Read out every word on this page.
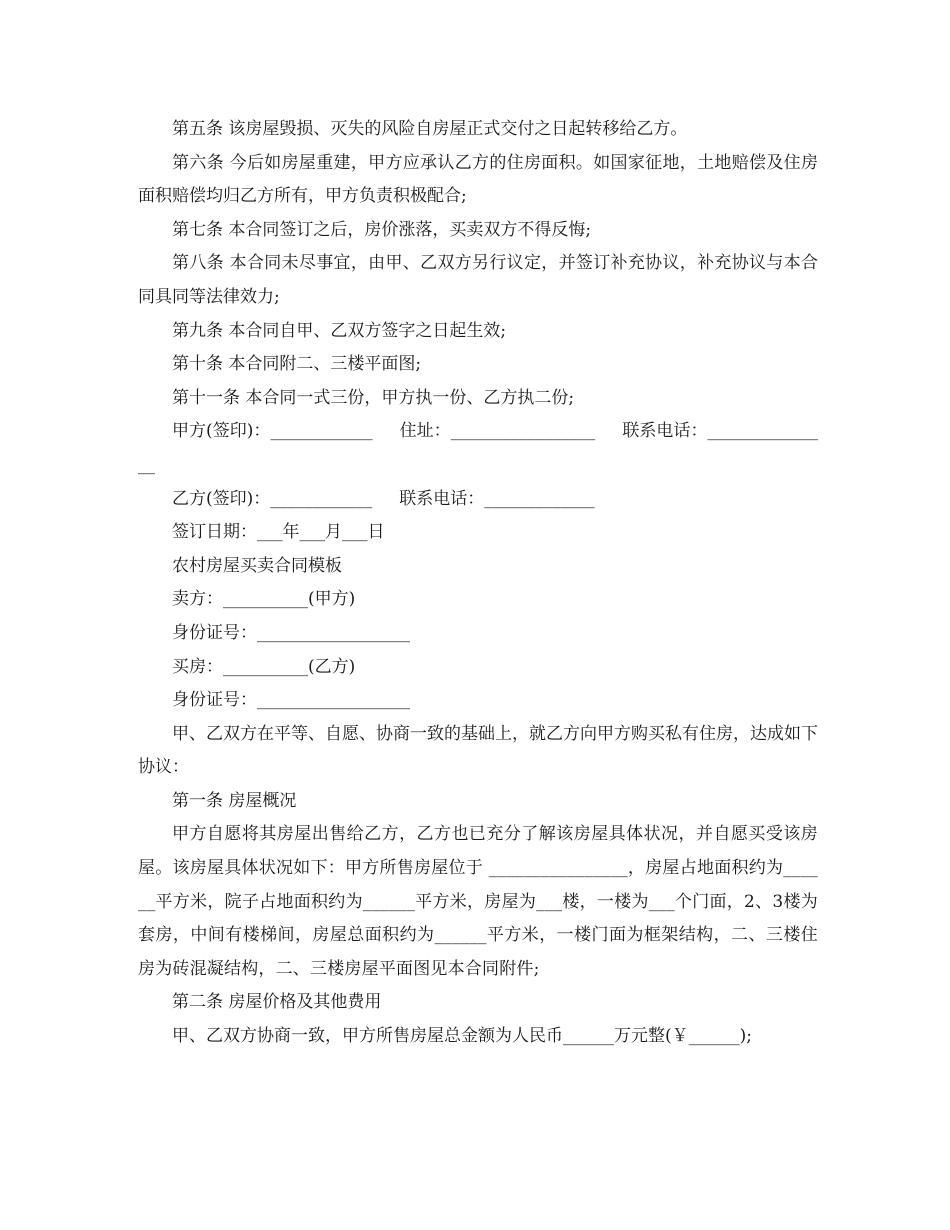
第五条 该房屋毁损、灭失的风险自房屋正式交付之日起转移给乙方。

第六条 今后如房屋重建，甲方应承认乙方的住房面积。如国家征地，土地赔偿及住房面积赔偿均归乙方所有，甲方负责积极配合;

第七条 本合同签订之后，房价涨落，买卖双方不得反悔;

第八条 本合同未尽事宜，由甲、乙双方另行议定，并签订补充协议，补充协议与本合同具同等法律效力;

第九条 本合同自甲、乙双方签字之日起生效;

第十条 本合同附二、三楼平面图;

第十一条 本合同一式三份，甲方执一份、乙方执二份;

甲方(签印)：____________     住址：_________________     联系电话：_______________

乙方(签印)：____________     联系电话：_____________

签订日期：___年___月___日

农村房屋买卖合同模板

卖方：__________(甲方)

身份证号：__________________

买房：__________(乙方)

身份证号：__________________

甲、乙双方在平等、自愿、协商一致的基础上，就乙方向甲方购买私有住房，达成如下协议：

第一条 房屋概况

甲方自愿将其房屋出售给乙方，乙方也已充分了解该房屋具体状况，并自愿买受该房屋。该房屋具体状况如下：甲方所售房屋位于 ________________，房屋占地面积约为______平方米，院子占地面积约为______平方米，房屋为___楼，一楼为___个门面，2、3楼为套房，中间有楼梯间，房屋总面积约为______平方米，一楼门面为框架结构，二、三楼住房为砖混凝结构，二、三楼房屋平面图见本合同附件;

第二条 房屋价格及其他费用

甲、乙双方协商一致，甲方所售房屋总金额为人民币______万元整(￥______);
